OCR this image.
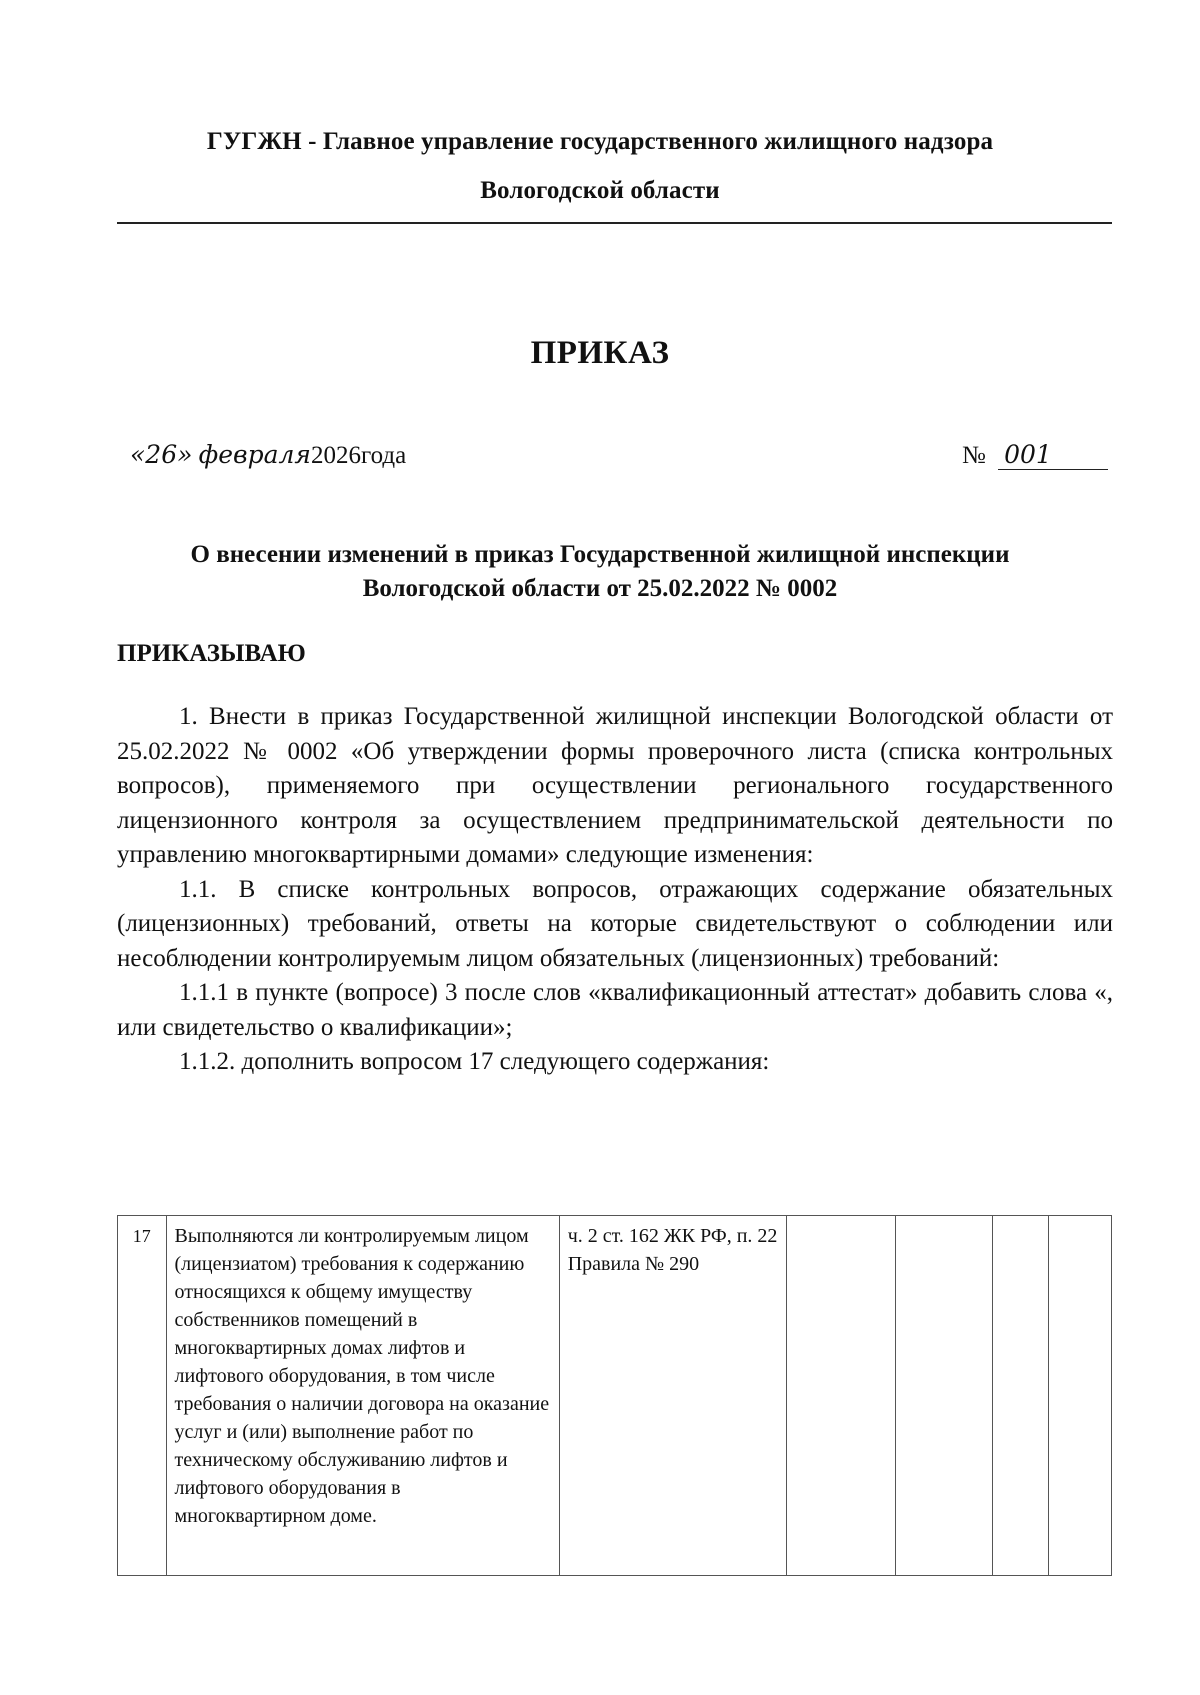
ГУГЖН - Главное управление государственного жилищного надзора
Вологодской области
ПРИКАЗ
«26» февраля2026года	№ 001
О внесении изменений в приказ Государственной жилищной инспекции
Вологодской области от 25.02.2022 № 0002
ПРИКАЗЫВАЮ

1. Внести в приказ Государственной жилищной инспекции Вологодской области от 25.02.2022 № 0002 «Об утверждении формы проверочного листа (списка контрольных вопросов), применяемого при осуществлении регионального государственного лицензионного контроля за осуществлением предпринимательской деятельности по управлению многоквартирными домами» следующие изменения:

1.1. В списке контрольных вопросов, отражающих содержание обязательных (лицензионных) требований, ответы на которые свидетельствуют о соблюдении или несоблюдении контролируемым лицом обязательных (лицензионных) требований:

1.1.1 в пункте (вопросе) 3 после слов «квалификационный аттестат» добавить слова «, или свидетельство о квалификации»;

1.1.2. дополнить вопросом 17 следующего содержания:

17	Выполняются ли контролируемым лицом (лицензиатом) требования к содержанию относящихся к общему имуществу собственников помещений в многоквартирных домах лифтов и лифтового оборудования, в том числе требования о наличии договора на оказание услуг и (или) выполнение работ по техническому обслуживанию лифтов и лифтового оборудования в многоквартирном доме.	ч. 2 ст. 162 ЖК РФ, п. 22 Правила № 290				
